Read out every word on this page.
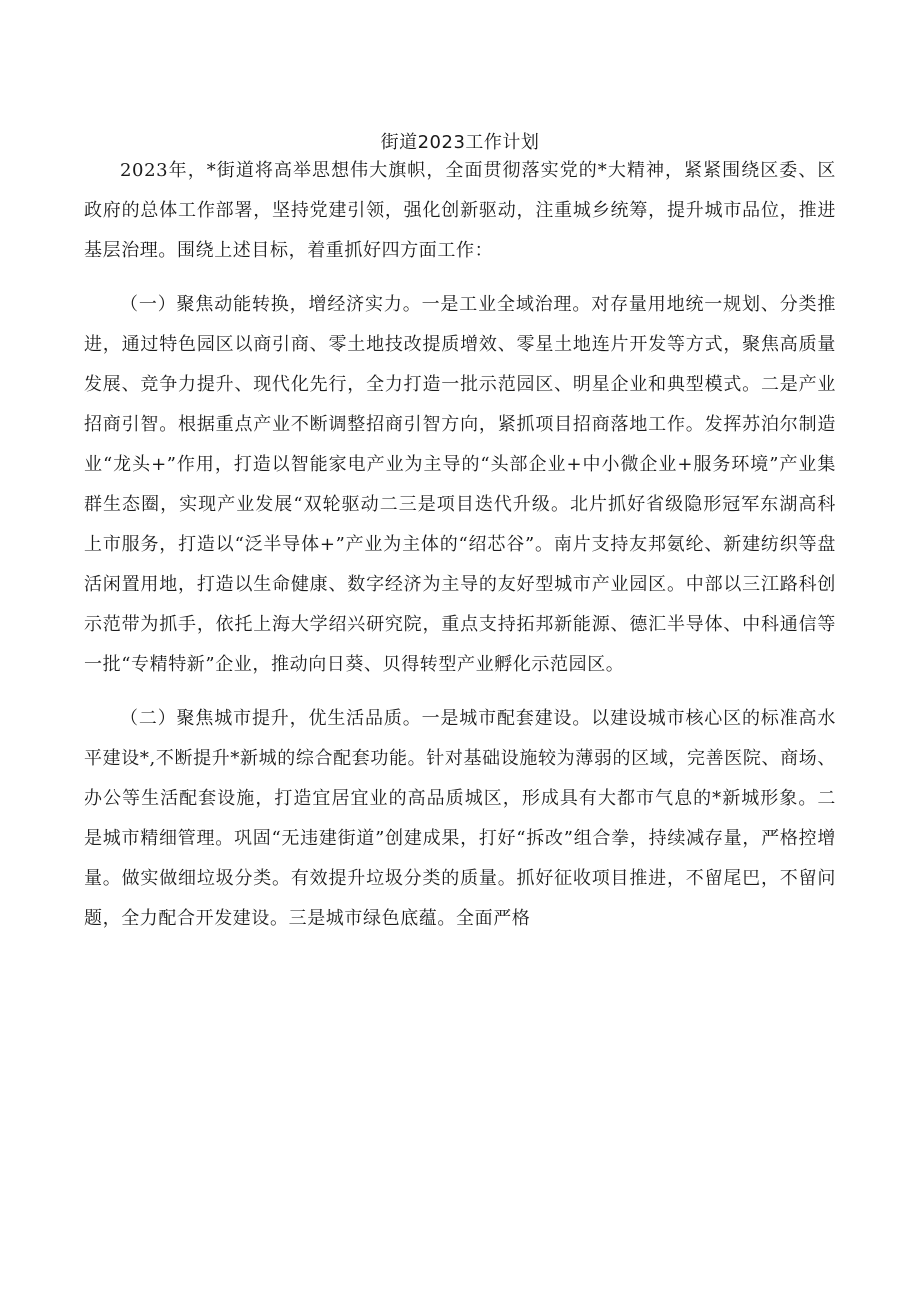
街道2023工作计划

2023年，*街道将高举思想伟大旗帜，全面贯彻落实党的*大精神，紧紧围绕区委、区政府的总体工作部署，坚持党建引领，强化创新驱动，注重城乡统筹，提升城市品位，推进基层治理。围绕上述目标，着重抓好四方面工作：

（一）聚焦动能转换，增经济实力。一是工业全域治理。对存量用地统一规划、分类推进，通过特色园区以商引商、零土地技改提质增效、零星土地连片开发等方式，聚焦高质量发展、竞争力提升、现代化先行，全力打造一批示范园区、明星企业和典型模式。二是产业招商引智。根据重点产业不断调整招商引智方向，紧抓项目招商落地工作。发挥苏泊尔制造业“龙头+”作用，打造以智能家电产业为主导的“头部企业+中小微企业+服务环境”产业集群生态圈，实现产业发展“双轮驱动二三是项目迭代升级。北片抓好省级隐形冠军东湖高科上市服务，打造以“泛半导体+”产业为主体的“绍芯谷”。南片支持友邦氨纶、新建纺织等盘活闲置用地，打造以生命健康、数字经济为主导的友好型城市产业园区。中部以三江路科创示范带为抓手，依托上海大学绍兴研究院，重点支持拓邦新能源、德汇半导体、中科通信等一批“专精特新”企业，推动向日葵、贝得转型产业孵化示范园区。

（二）聚焦城市提升，优生活品质。一是城市配套建设。以建设城市核心区的标准高水平建设*,不断提升*新城的综合配套功能。针对基础设施较为薄弱的区域，完善医院、商场、办公等生活配套设施，打造宜居宜业的高品质城区，形成具有大都市气息的*新城形象。二是城市精细管理。巩固“无违建街道”创建成果，打好“拆改”组合拳，持续减存量，严格控增量。做实做细垃圾分类。有效提升垃圾分类的质量。抓好征收项目推进，不留尾巴，不留问题，全力配合开发建设。三是城市绿色底蕴。全面严格
